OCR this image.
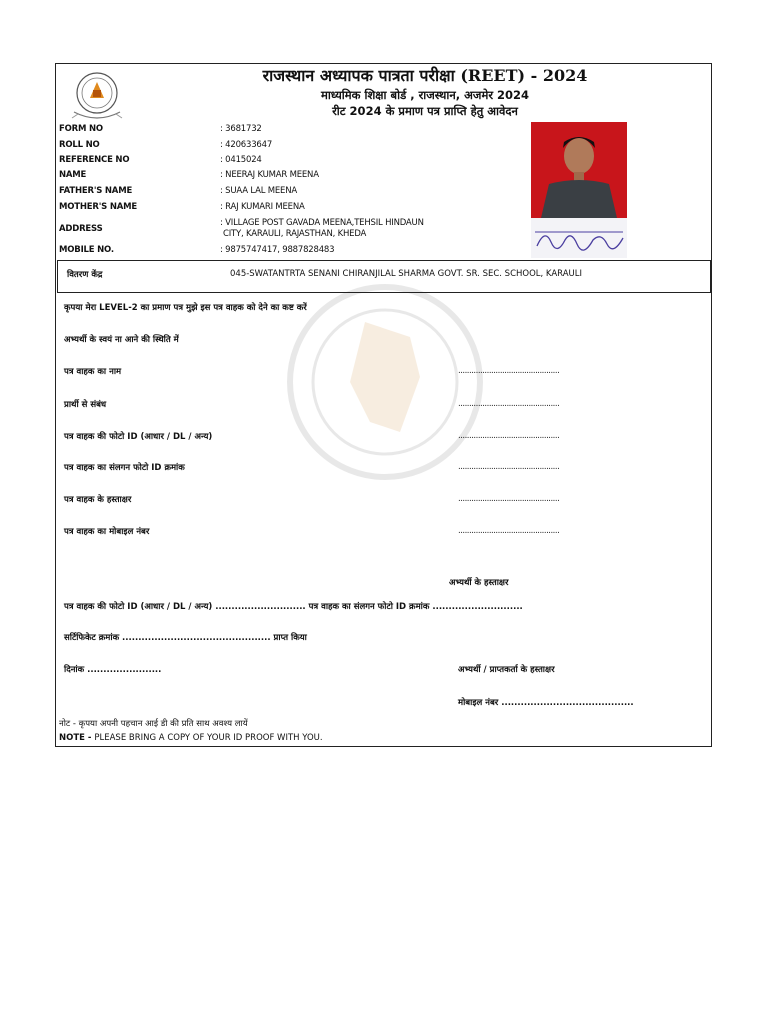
राजस्थान अध्यापक पात्रता परीक्षा (REET) - 2024
माध्यमिक शिक्षा बोर्ड , राजस्थान, अजमेर 2024
रीट 2024 के प्रमाण पत्र प्राप्ति हेतु आवेदन
FORM NO	: 3681732
ROLL NO	: 420633647
REFERENCE NO	: 0415024
NAME	: NEERAJ KUMAR MEENA
FATHER'S NAME	: SUAA LAL MEENA
MOTHER'S NAME	: RAJ KUMARI MEENA
ADDRESS
: VILLAGE POST GAVADA MEENA,TEHSIL HINDAUN
CITY, KARAULI, RAJASTHAN, KHEDA
MOBILE NO.	: 9875747417, 9887828483
वितरण केंद्र	045-SWATANTRTA SENANI CHIRANJILAL SHARMA GOVT. SR. SEC. SCHOOL, KARAULI
कृपया मेरा LEVEL-2 का प्रमाण पत्र मुझे इस पत्र वाहक को देने का कष्ट करें
अभ्यर्थी के स्वयं ना आने की स्थिति में
पत्र वाहक का नाम	..............................................
प्रार्थी से संबंध	..............................................
पत्र वाहक की फोटो ID (आधार / DL / अन्य)	..............................................
पत्र वाहक का संलगन फोटो ID क्रमांक	..............................................
पत्र वाहक के हस्ताक्षर	..............................................
पत्र वाहक का मोबाइल नंबर	..............................................
अभ्यर्थी के हस्ताक्षर
पत्र वाहक की फोटो ID (आधार / DL / अन्य) ............................ पत्र वाहक का संलगन फोटो ID क्रमांक ............................
सर्टिफिकेट क्रमांक .............................................. प्राप्त किया
दिनांक .......................	अभ्यर्थी / प्राप्तकर्ता के हस्ताक्षर
मोबाइल नंबर .........................................
नोट - कृपया अपनी पहचान आई डी की प्रति साथ अवश्य लायें
NOTE - PLEASE BRING A COPY OF YOUR ID PROOF WITH YOU.
